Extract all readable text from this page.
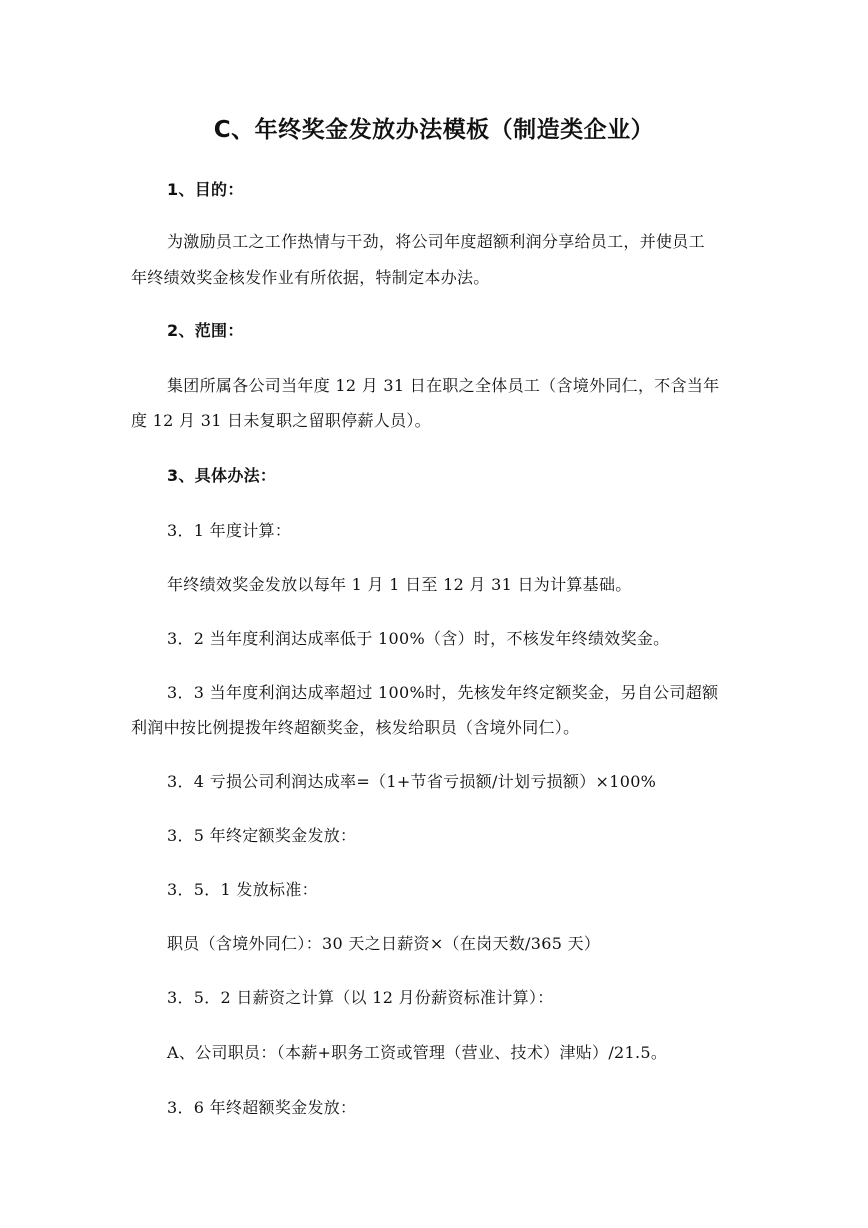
C、年终奖金发放办法模板（制造类企业）
1、目的：
为激励员工之工作热情与干劲，将公司年度超额利润分享给员工，并使员工
年终绩效奖金核发作业有所依据，特制定本办法。
2、范围：
集团所属各公司当年度 12 月 31 日在职之全体员工（含境外同仁，不含当年
度 12 月 31 日未复职之留职停薪人员）。
3、具体办法：
3．1 年度计算：
年终绩效奖金发放以每年 1 月 1 日至 12 月 31 日为计算基础。
3．2 当年度利润达成率低于 100%（含）时，不核发年终绩效奖金。
3．3 当年度利润达成率超过 100%时，先核发年终定额奖金，另自公司超额
利润中按比例提拨年终超额奖金，核发给职员（含境外同仁）。
3．4 亏损公司利润达成率=（1+节省亏损额/计划亏损额）×100%
3．5 年终定额奖金发放：
3．5．1 发放标准：
职员（含境外同仁）：30 天之日薪资×（在岗天数/365 天）
3．5．2 日薪资之计算（以 12 月份薪资标准计算）：
A、公司职员：（本薪+职务工资或管理（营业、技术）津贴）/21.5。
3．6 年终超额奖金发放：
